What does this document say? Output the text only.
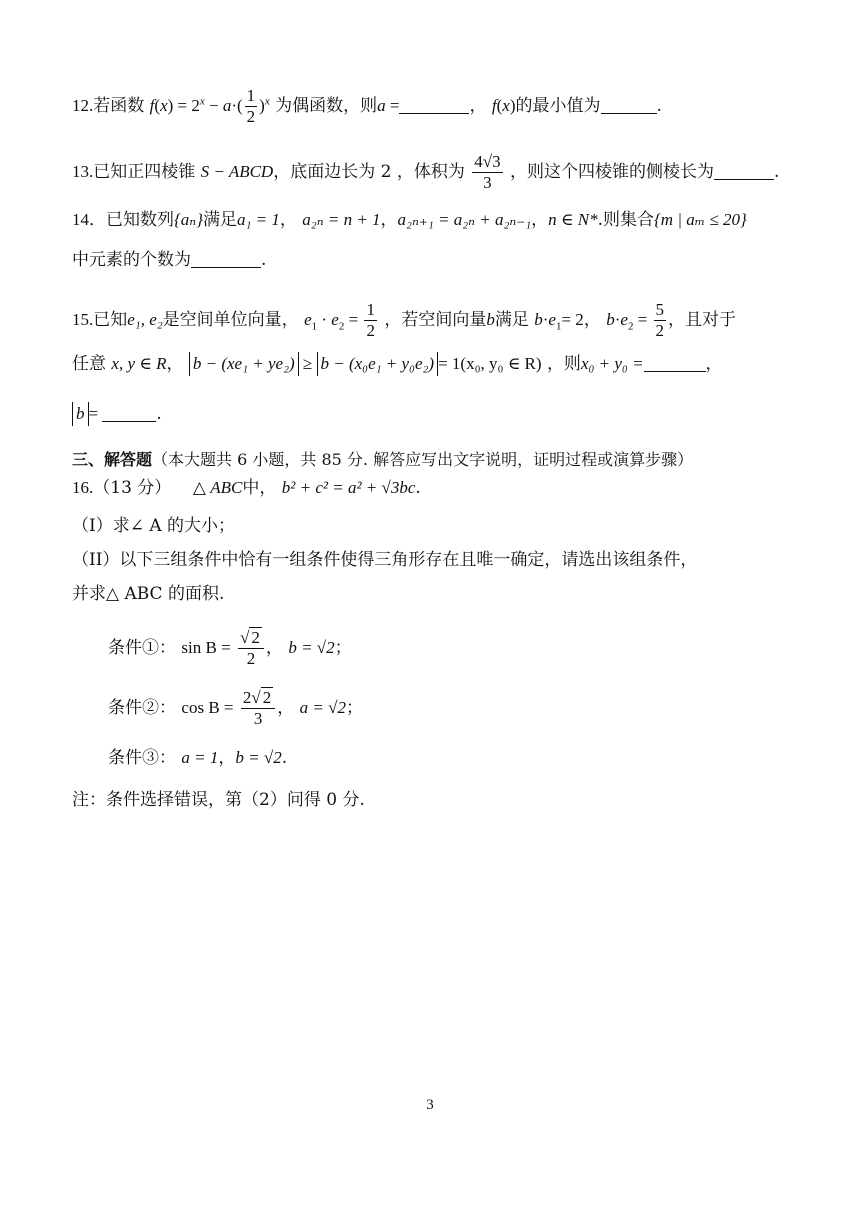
12.若函数 $f(x) = 2^x - a\cdot( \frac{1}{2} )^x$ 为偶函数，则a =	， f(x)的最小值为	.
13.已知正四棱锥 S − ABCD，底面边长为 2 ，体积为 $\frac{4√3}{3}$ ，则这个四棱锥的侧棱长为	.
14．已知数列{aₙ}满足a₁ = 1， a₂ₙ = n + 1，a₂ₙ₊₁ = a₂ₙ + a₂ₙ₋₁，n ∈ N*.则集合{m | aₘ ≤ 20}
中元素的个数为	.
15.已知e₁, e₂是空间单位向量， $e_1 \cdot e_2 = \frac{1}{2}$ ，若空间向量b满足 $b\cdot e_1= 2$， $b\cdot e_2 = \frac{5}{2}$ ，且对于
任意 x, y ∈ R， b − (xe₁ + ye₂) ≥ b − (x₀e₁ + y₀e₂) = 1(x₀, y₀ ∈ R) ，则x₀ + y₀ =	，
b =	.
三、解答题（本大题共 6 小题，共 85 分. 解答应写出文字说明，证明过程或演算步骤）
16.（13 分） △ ABC中， b² + c² = a² + √3bc.
（I）求∠ A 的大小；
（II）以下三组条件中恰有一组条件使得三角形存在且唯一确定，请选出该组条件，
并求△ ABC 的面积.
条件①： $\sin B = \frac{√ 2}{2}$ ， b = √2；
条件②： $\cos B = \frac{2√ 2}{3}$ ， a = √2；
条件③： a = 1，b = √2.
注：条件选择错误，第（2）问得 0 分.
3
